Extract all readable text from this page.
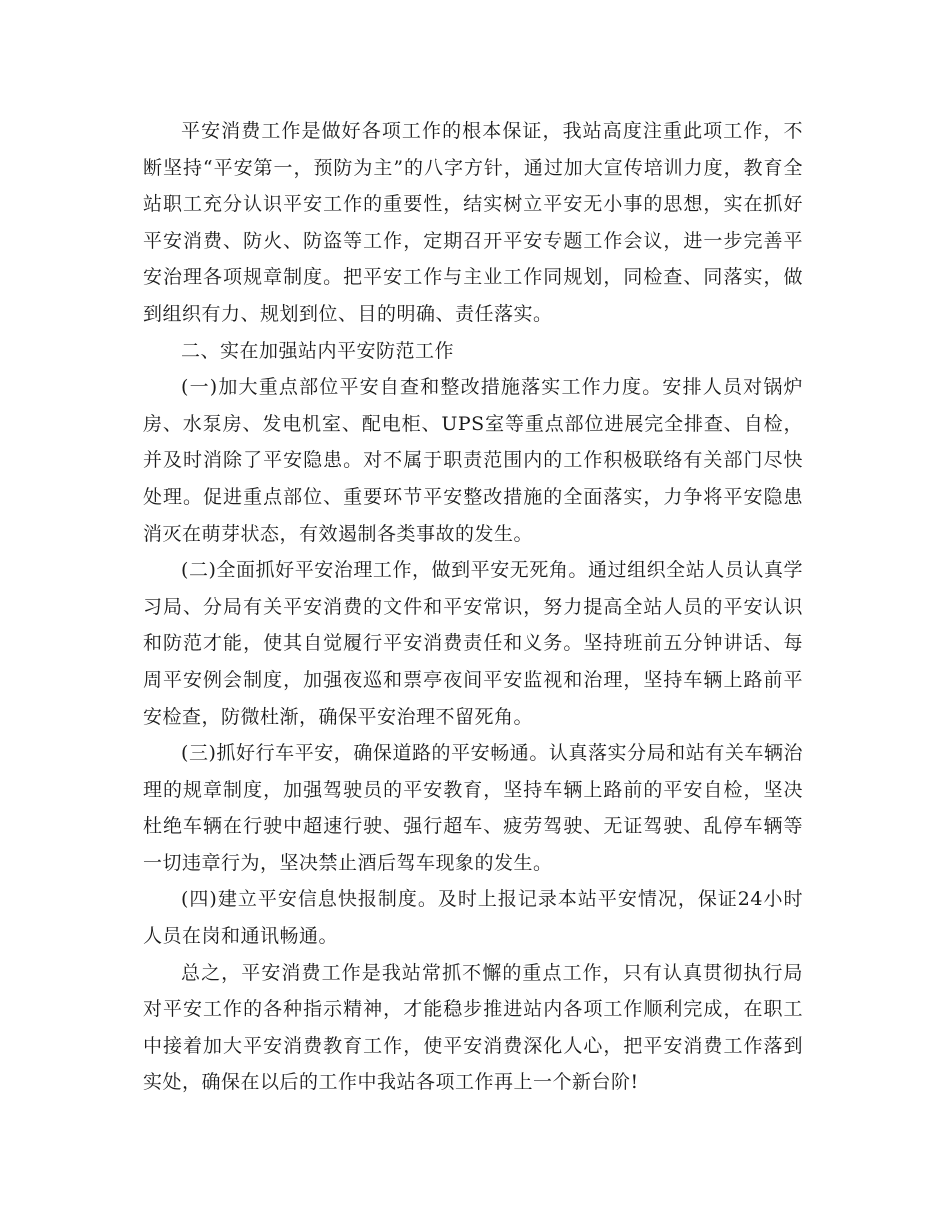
平安消费工作是做好各项工作的根本保证，我站高度注重此项工作，不断坚持“平安第一，预防为主”的八字方针，通过加大宣传培训力度，教育全站职工充分认识平安工作的重要性，结实树立平安无小事的思想，实在抓好平安消费、防火、防盗等工作，定期召开平安专题工作会议，进一步完善平安治理各项规章制度。把平安工作与主业工作同规划，同检查、同落实，做到组织有力、规划到位、目的明确、责任落实。

二、实在加强站内平安防范工作

(一)加大重点部位平安自查和整改措施落实工作力度。安排人员对锅炉房、水泵房、发电机室、配电柜、UPS室等重点部位进展完全排查、自检，并及时消除了平安隐患。对不属于职责范围内的工作积极联络有关部门尽快处理。促进重点部位、重要环节平安整改措施的全面落实，力争将平安隐患消灭在萌芽状态，有效遏制各类事故的发生。

(二)全面抓好平安治理工作，做到平安无死角。通过组织全站人员认真学习局、分局有关平安消费的文件和平安常识，努力提高全站人员的平安认识和防范才能，使其自觉履行平安消费责任和义务。坚持班前五分钟讲话、每周平安例会制度，加强夜巡和票亭夜间平安监视和治理，坚持车辆上路前平安检查，防微杜渐，确保平安治理不留死角。

(三)抓好行车平安，确保道路的平安畅通。认真落实分局和站有关车辆治理的规章制度，加强驾驶员的平安教育，坚持车辆上路前的平安自检，坚决杜绝车辆在行驶中超速行驶、强行超车、疲劳驾驶、无证驾驶、乱停车辆等一切违章行为，坚决禁止酒后驾车现象的发生。

(四)建立平安信息快报制度。及时上报记录本站平安情况，保证24小时人员在岗和通讯畅通。

总之，平安消费工作是我站常抓不懈的重点工作，只有认真贯彻执行局对平安工作的各种指示精神，才能稳步推进站内各项工作顺利完成，在职工中接着加大平安消费教育工作，使平安消费深化人心，把平安消费工作落到实处，确保在以后的工作中我站各项工作再上一个新台阶!
